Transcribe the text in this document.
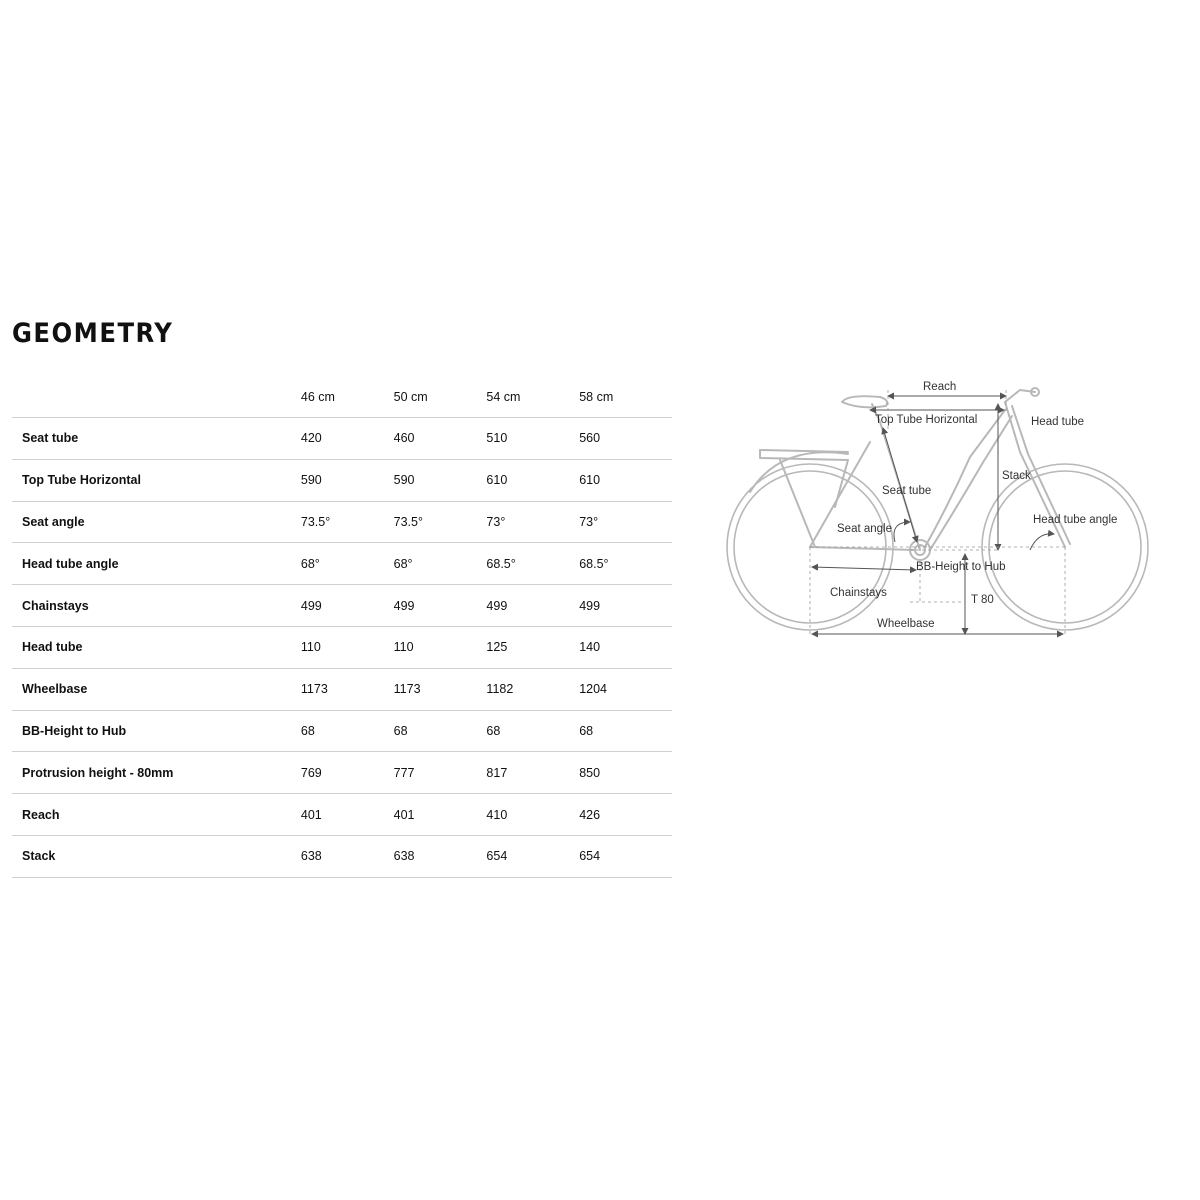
GEOMETRY
	46 cm	50 cm	54 cm	58 cm
Seat tube	420	460	510	560
Top Tube Horizontal	590	590	610	610
Seat angle	73.5°	73.5°	73°	73°
Head tube angle	68°	68°	68.5°	68.5°
Chainstays	499	499	499	499
Head tube	110	110	125	140
Wheelbase	1173	1173	1182	1204
BB-Height to Hub	68	68	68	68
Protrusion height - 80mm	769	777	817	850
Reach	401	401	410	426
Stack	638	638	654	654
Reach
Top Tube Horizontal	Head tube
Stack
Seat tube
Seat angle
Head tube angle
BB-Height to Hub
Chainstays
T 80
Wheelbase
